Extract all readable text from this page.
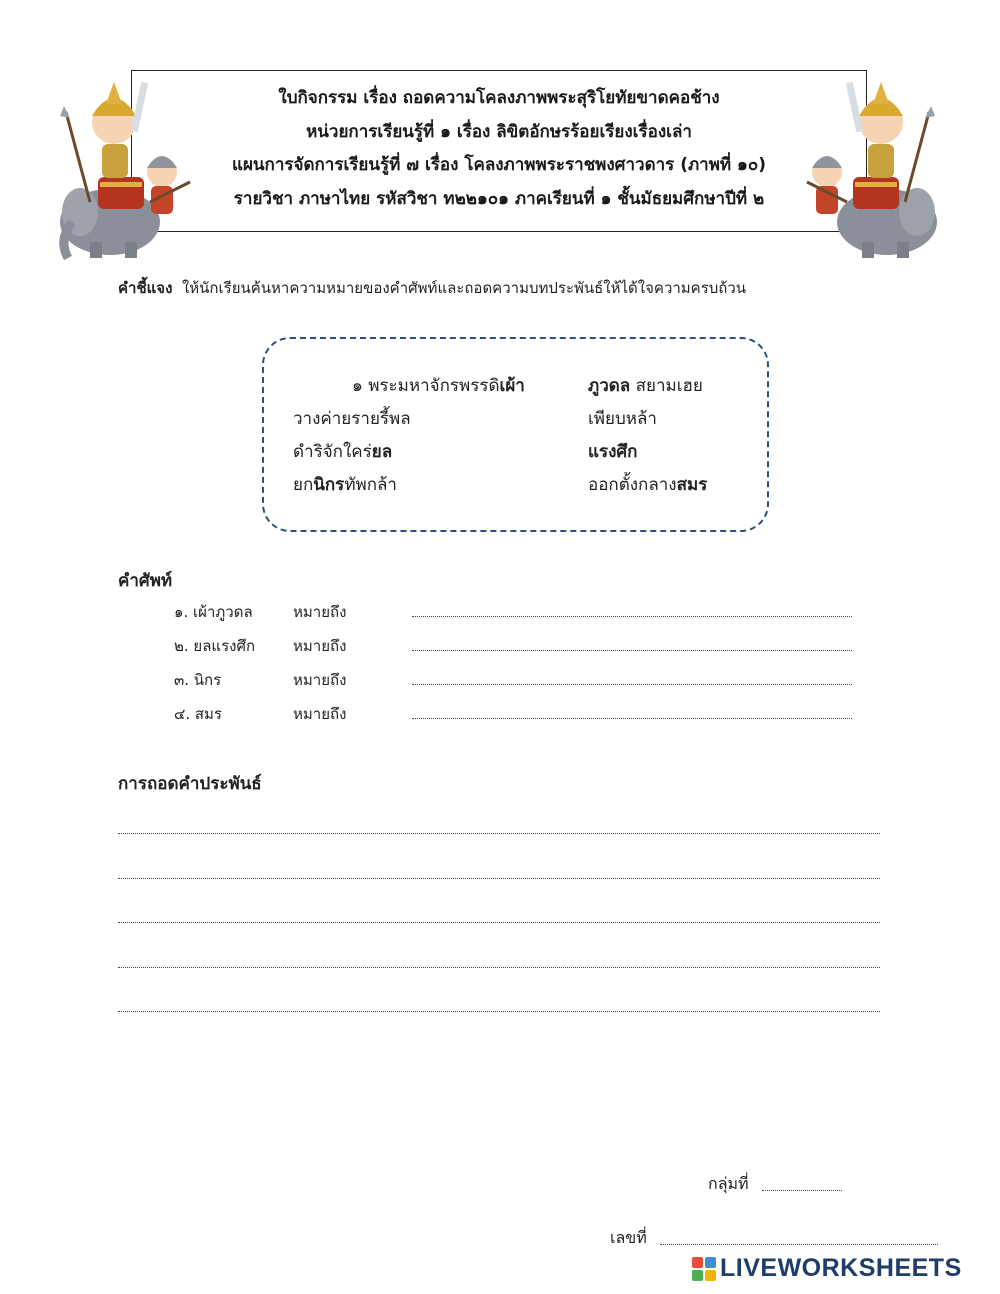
ใบกิจกรรม เรื่อง ถอดความโคลงภาพพระสุริโยทัยขาดคอช้าง
หน่วยการเรียนรู้ที่ ๑ เรื่อง ลิขิตอักษรร้อยเรียงเรื่องเล่า
แผนการจัดการเรียนรู้ที่ ๗ เรื่อง โคลงภาพพระราชพงศาวดาร (ภาพที่ ๑๐)
รายวิชา ภาษาไทย รหัสวิชา ท๒๒๑๐๑ ภาคเรียนที่ ๑ ชั้นมัธยมศึกษาปีที่ ๒
คำชี้แจง ให้นักเรียนค้นหาความหมายของคำศัพท์และถอดความบทประพันธ์ให้ได้ใจความครบถ้วน
๑ พระมหาจักรพรรดิเผ้า	ภูวดล สยามเฮย
วางค่ายรายรี้พล	เพียบหล้า
ดำริจักใคร่ยล	แรงศึก
ยกนิกรทัพกล้า	ออกตั้งกลางสมร
คำศัพท์
๑. เผ้าภูวดล	หมายถึง
๒. ยลแรงศึก	หมายถึง
๓. นิกร	หมายถึง
๔. สมร	หมายถึง
การถอดคำประพันธ์
กลุ่มที่
เลขที่
LIVEWORKSHEETS
